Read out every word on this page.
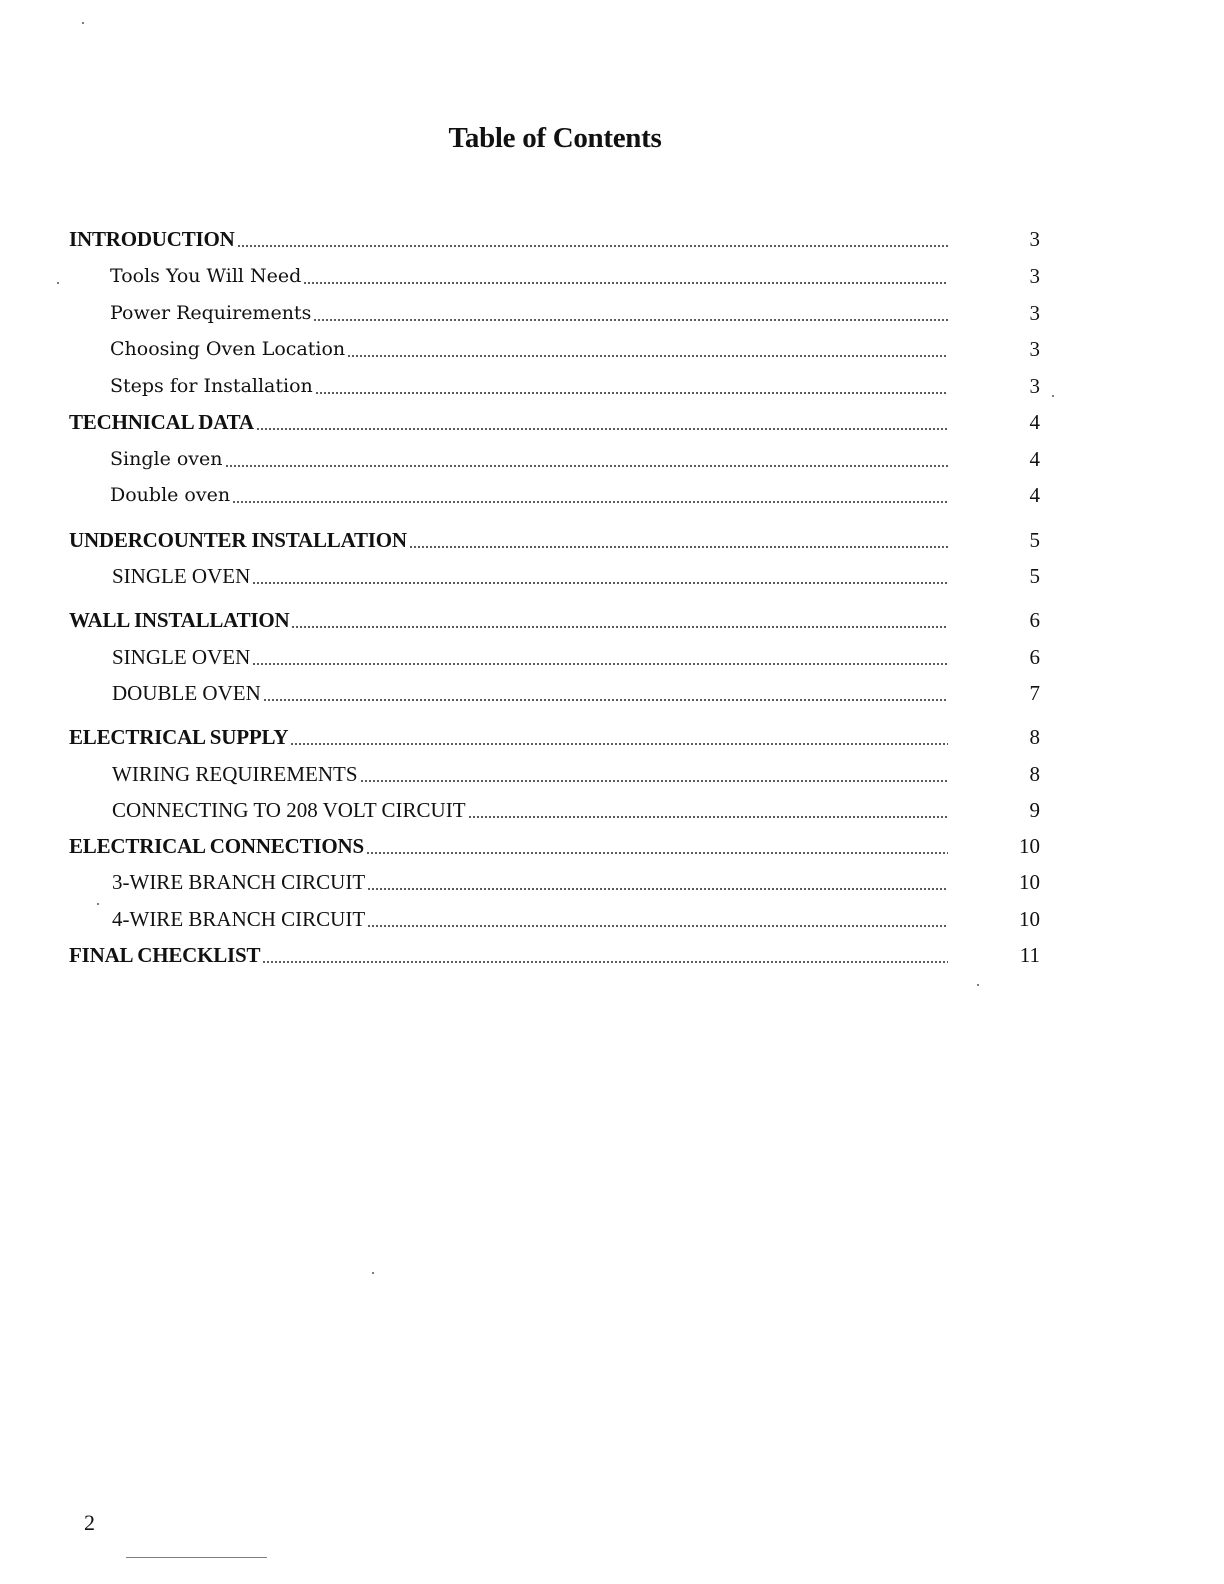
Table of Contents
INTRODUCTION	3
Tools You Will Need	3
Power Requirements	3
Choosing Oven Location	3
Steps for Installation	3
TECHNICAL DATA	4
Single oven	4
Double oven	4
UNDERCOUNTER INSTALLATION	5
SINGLE OVEN	5
WALL INSTALLATION	6
SINGLE OVEN	6
DOUBLE OVEN	7
ELECTRICAL SUPPLY	8
WIRING REQUIREMENTS	8
CONNECTING TO 208 VOLT CIRCUIT	9
ELECTRICAL CONNECTIONS	10
3-WIRE BRANCH CIRCUIT	10
4-WIRE BRANCH CIRCUIT	10
FINAL CHECKLIST	11
2
